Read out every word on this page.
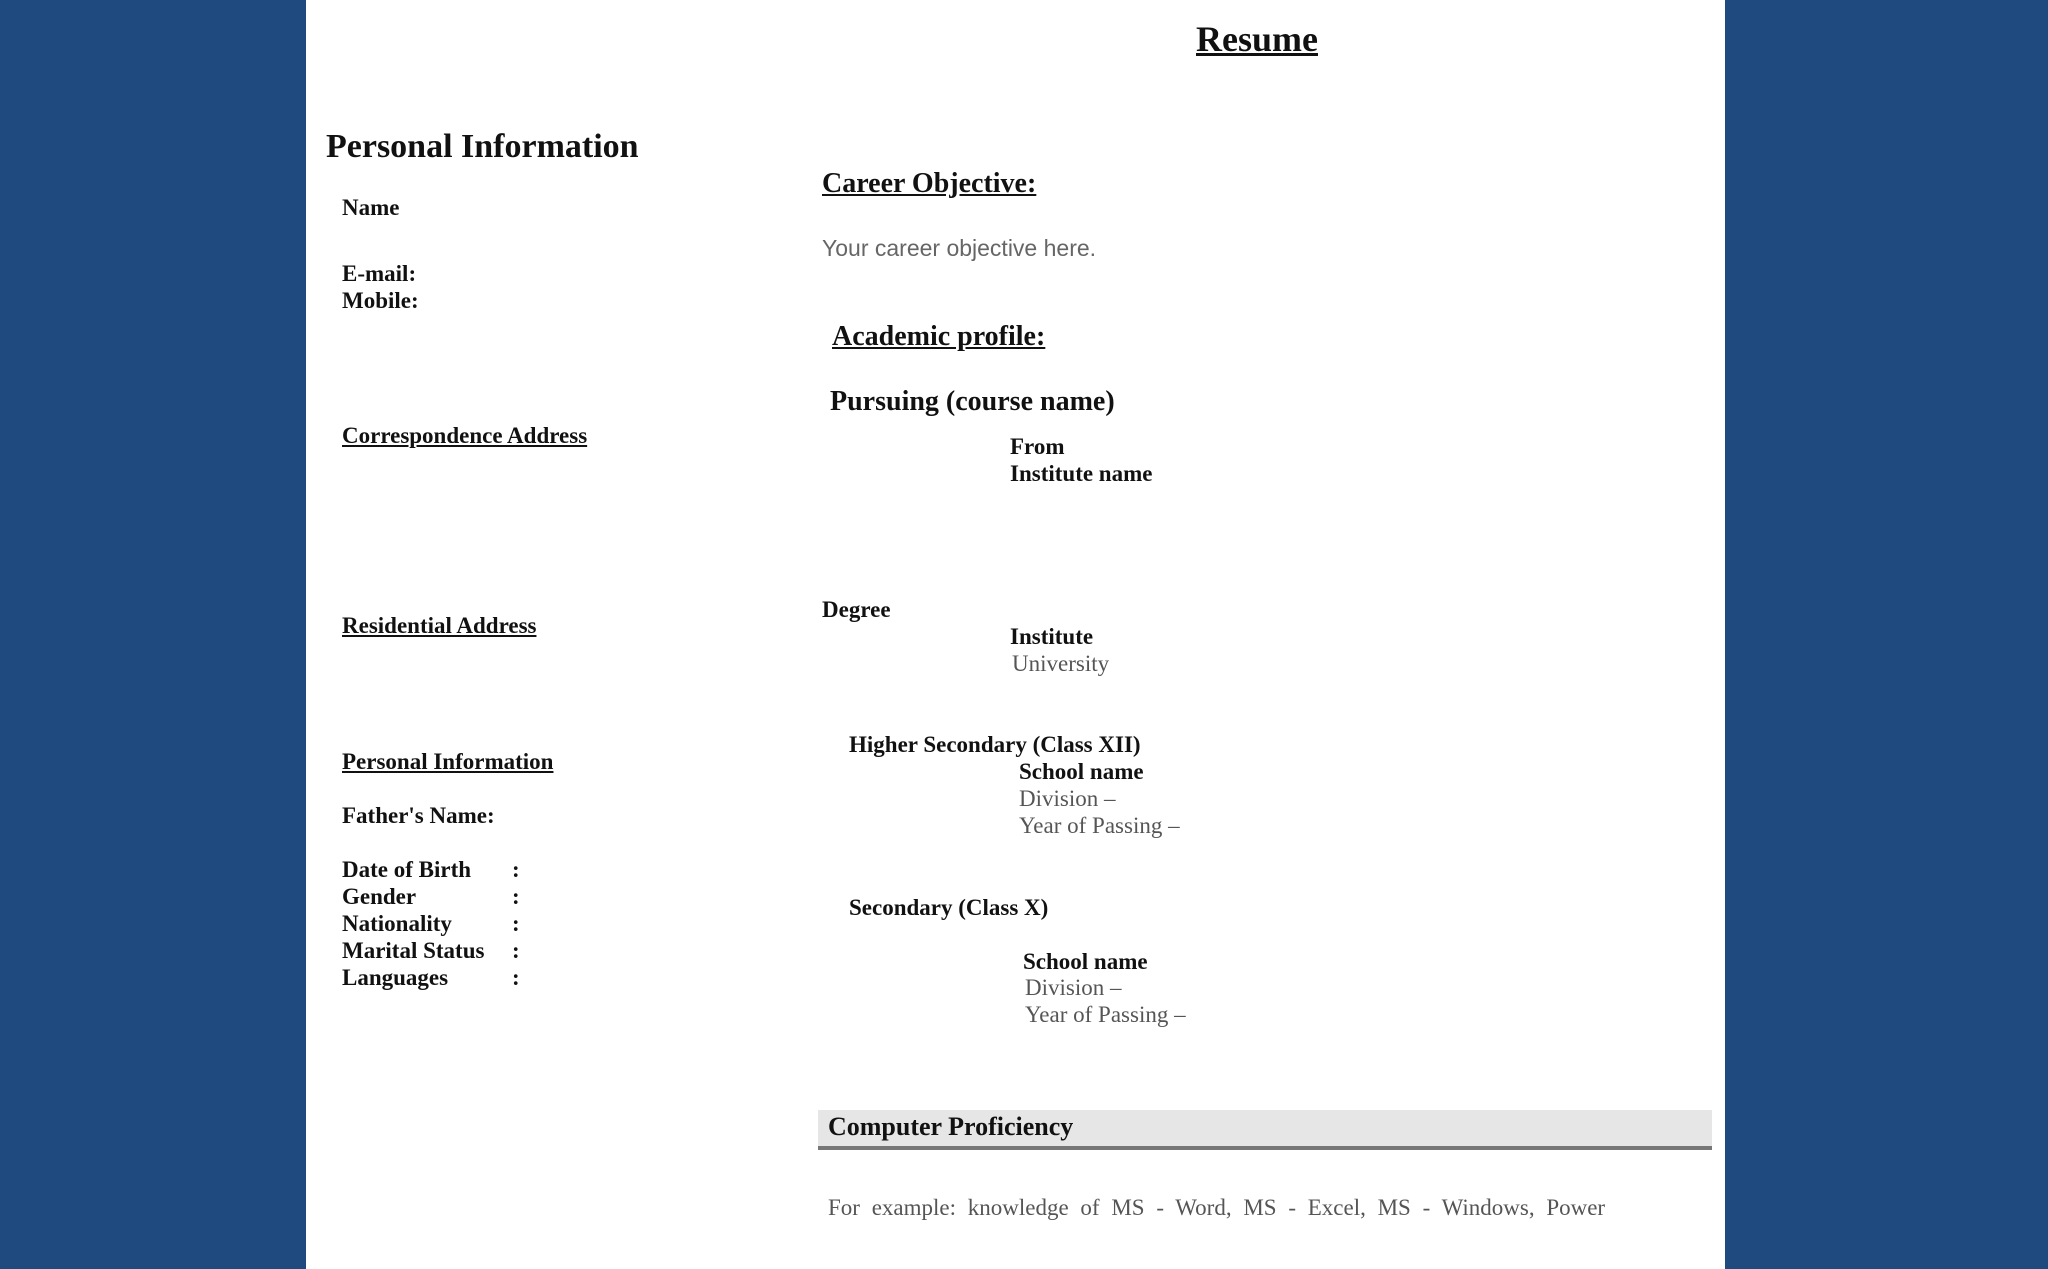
Resume
Personal Information
Name
E-mail:
Mobile:
Correspondence Address
Residential Address
Personal Information
Father's Name:
Date of Birth	:
Gender	:
Nationality	:
Marital Status	:
Languages	:
Career Objective:
Your career objective here.
Academic profile:
Pursuing (course name)
From
Institute name
Degree
Institute
University
Higher Secondary (Class XII)
School name
Division –
Year of Passing –
Secondary (Class X)
School name
Division –
Year of Passing –
Computer Proficiency
For example: knowledge of MS - Word, MS - Excel, MS - Windows, Power
